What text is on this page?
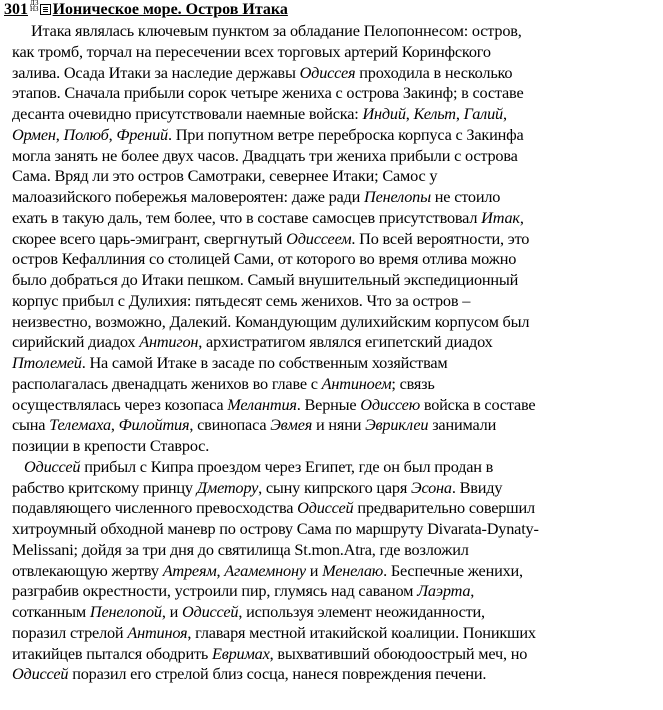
301 ДЗ
НЗ Ионическое море. Остров Итака
Итака являлась ключевым пунктом за обладание Пелопоннесом: остров,
как тромб, торчал на пересечении всех торговых артерий Коринфского
залива. Осада Итаки за наследие державы Одиссея проходила в несколько
этапов. Сначала прибыли сорок четыре жениха с острова Закинф; в составе
десанта очевидно присутствовали наемные войска: Индий, Кельт, Галий,
Ормен, Полюб, Френий. При попутном ветре переброска корпуса с Закинфа
могла занять не более двух часов. Двадцать три жениха прибыли с острова
Сама. Вряд ли это остров Самотраки, севернее Итаки; Самос у
малоазийского побережья маловероятен: даже ради Пенелопы не стоило
ехать в такую даль, тем более, что в составе самосцев присутствовал Итак,
скорее всего царь-эмигрант, свергнутый Одиссеем. По всей вероятности, это
остров Кефаллиния со столицей Сами, от которого во время отлива можно
было добраться до Итаки пешком. Самый внушительный экспедиционный
корпус прибыл с Дулихия: пятьдесят семь женихов. Что за остров –
неизвестно, возможно, Далекий. Командующим дулихийским корпусом был
сирийский диадох Антигон, архистратигом являлся египетский диадох
Птолемей. На самой Итаке в засаде по собственным хозяйствам
располагалась двенадцать женихов во главе с Антиноем; связь
осуществлялась через козопаса Мелантия. Верные Одиссею войска в составе
сына Телемаха, Филойтия, свинопаса Эвмея и няни Эвриклеи занимали
позиции в крепости Ставрос.
Одиссей прибыл с Кипра проездом через Египет, где он был продан в
рабство критскому принцу Дметору, сыну кипрского царя Эсона. Ввиду
подавляющего численного превосходства Одиссей предварительно совершил
хитроумный обходной маневр по острову Сама по маршруту Divarata-Dynaty-
Melissani; дойдя за три дня до святилища St.mon.Atra, где возложил
отвлекающую жертву Атреям, Агамемнону и Менелаю. Беспечные женихи,
разграбив окрестности, устроили пир, глумясь над саваном Лаэрта,
сотканным Пенелопой, и Одиссей, используя элемент неожиданности,
поразил стрелой Антиноя, главаря местной итакийской коалиции. Поникших
итакийцев пытался ободрить Евримах, выхвативший обоюдоострый меч, но
Одиссей поразил его стрелой близ сосца, нанеся повреждения печени.
